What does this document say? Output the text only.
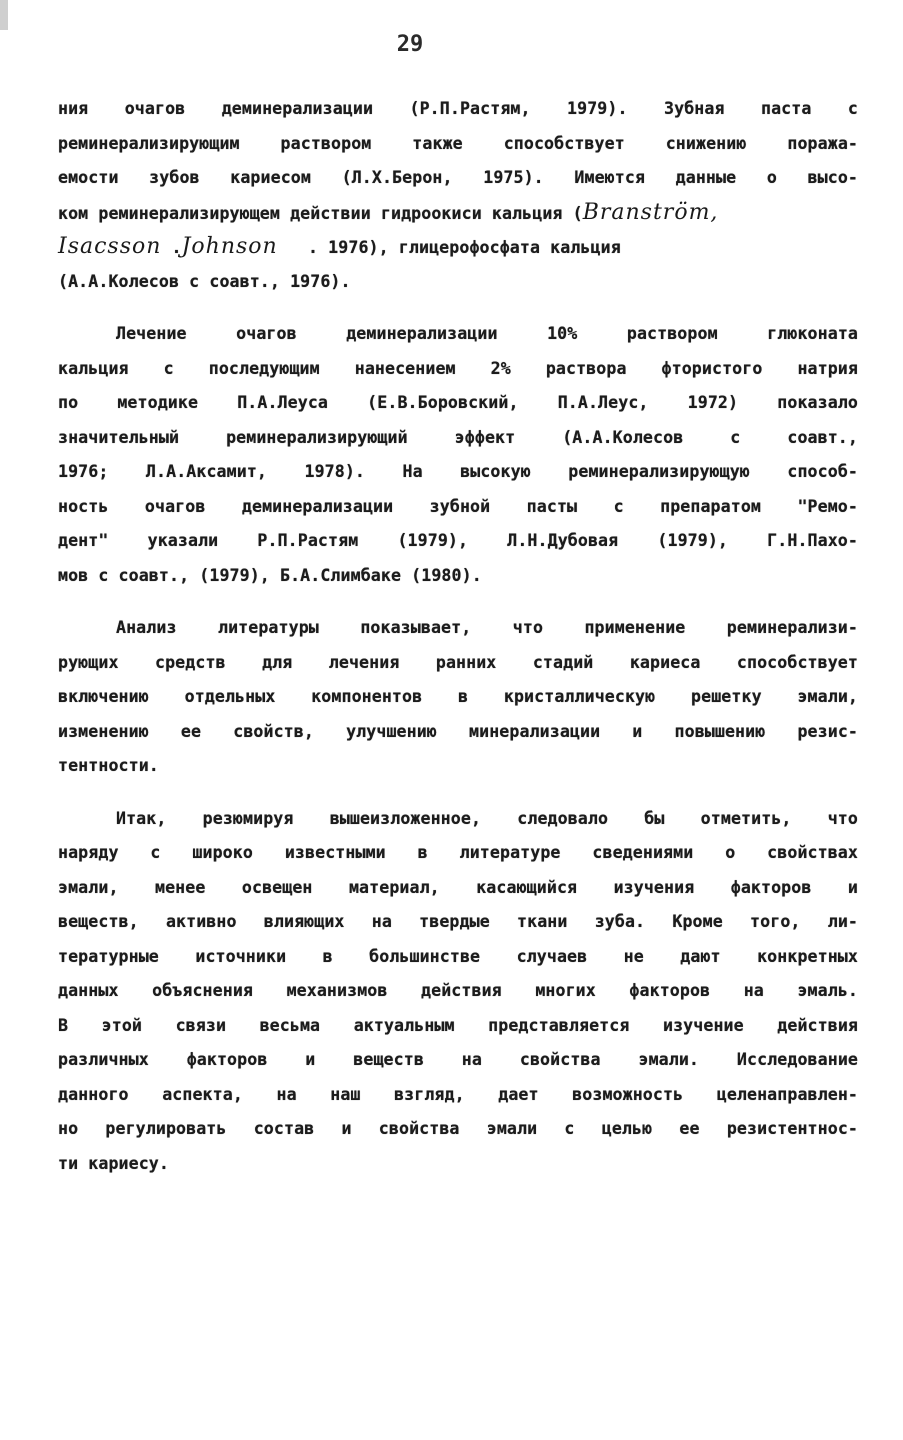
29
ния очагов деминерализации (Р.П.Растям, 1979). Зубная паста с
реминерализирующим раствором также способствует снижению поража-
емости зубов кариесом (Л.Х.Берон, 1975). Имеются данные о высо-
ком реминерализирующем действии гидроокиси кальция (Branström,
Isacsson .Johnson . 1976), глицерофосфата кальция
(А.А.Колесов с соавт., 1976).
Лечение очагов деминерализации 10% раствором глюконата
кальция с последующим нанесением 2% раствора фтористого натрия
по методике П.А.Леуса (Е.В.Боровский, П.А.Леус, 1972) показало
значительный реминерализирующий эффект (А.А.Колесов с соавт.,
1976; Л.А.Аксамит, 1978). На высокую реминерализирующую способ-
ность очагов деминерализации зубной пасты с препаратом "Ремо-
дент" указали Р.П.Растям (1979), Л.Н.Дубовая (1979), Г.Н.Пахо-
мов с соавт., (1979), Б.А.Слимбаке (1980).
Анализ литературы показывает, что применение реминерализи-
рующих средств для лечения ранних стадий кариеса способствует
включению отдельных компонентов в кристаллическую решетку эмали,
изменению ее свойств, улучшению минерализации и повышению резис-
тентности.
Итак, резюмируя вышеизложенное, следовало бы отметить, что
наряду с широко известными в литературе сведениями о свойствах
эмали, менее освещен материал, касающийся изучения факторов и
веществ, активно влияющих на твердые ткани зуба. Кроме того, ли-
тературные источники в большинстве случаев не дают конкретных
данных объяснения механизмов действия многих факторов на эмаль.
В этой связи весьма актуальным представляется изучение действия
различных факторов и веществ на свойства эмали. Исследование
данного аспекта, на наш взгляд, дает возможность целенаправлен-
но регулировать состав и свойства эмали с целью ее резистентнос-
ти кариесу.
